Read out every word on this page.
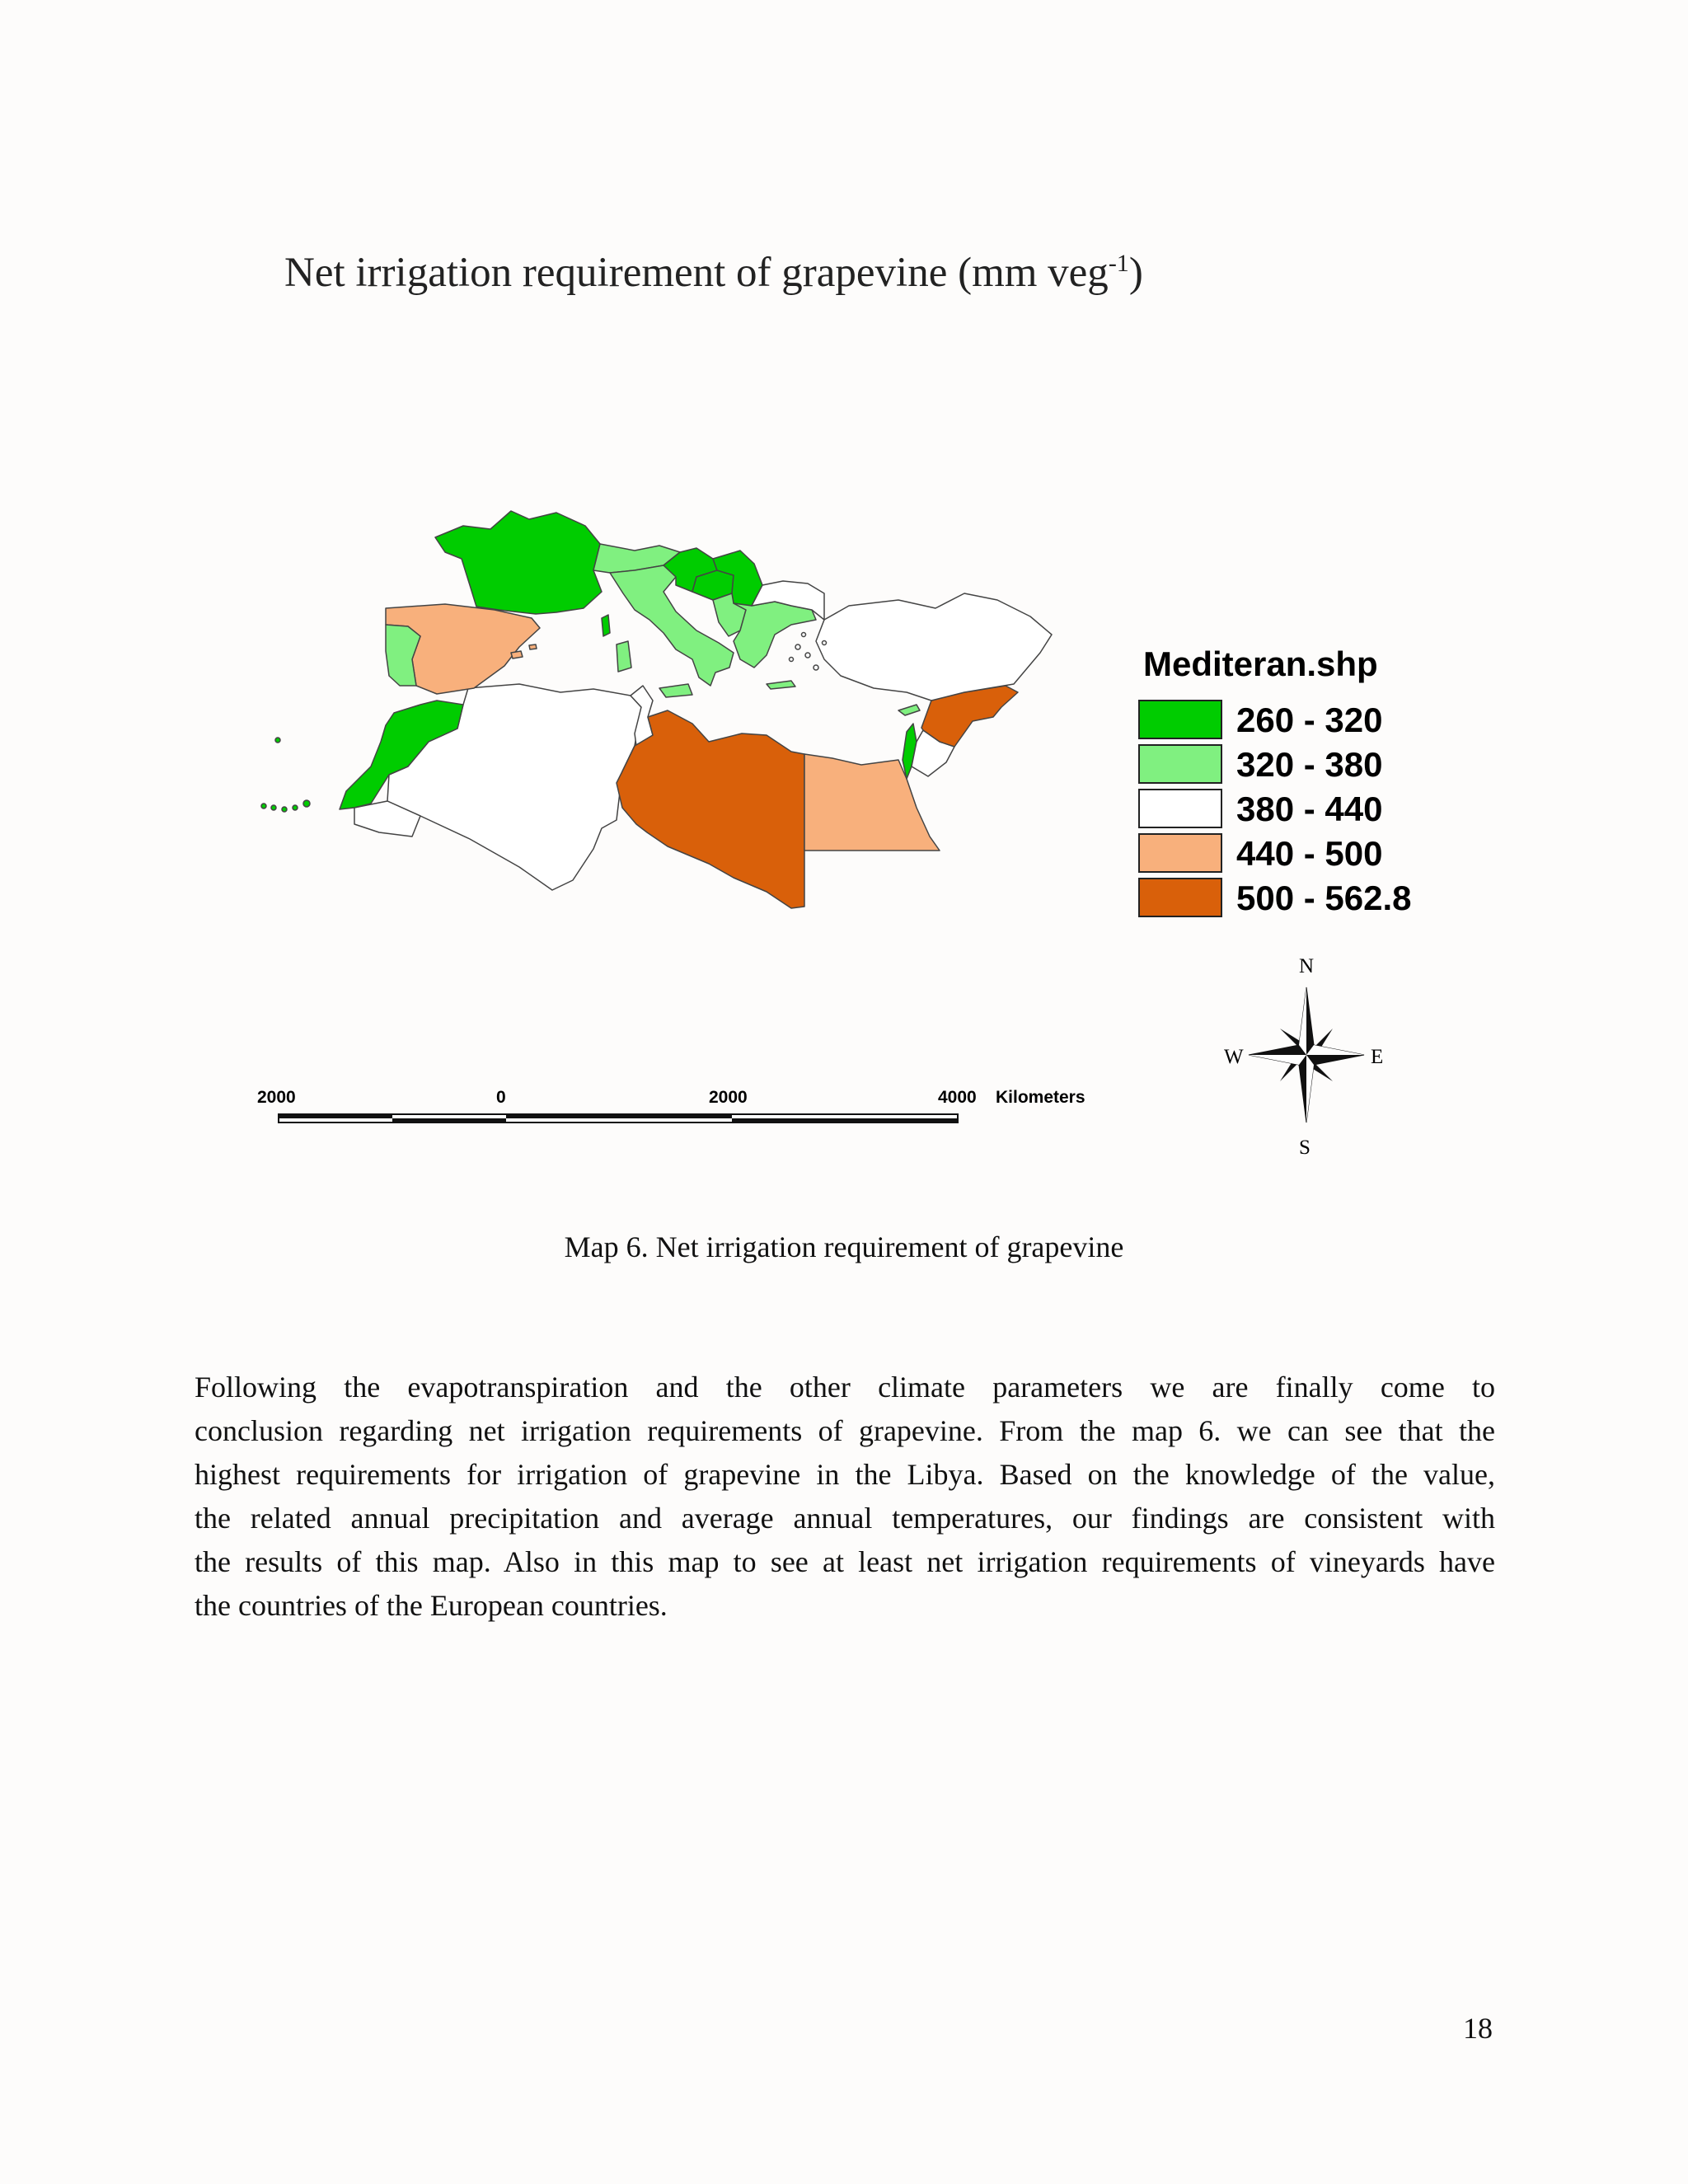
Net irrigation requirement of grapevine (mm veg$^{-1}$)
Mediteran.shp
260 - 320
320 - 380
380 - 440
440 - 500
500 - 562.8
2000	0	2000	4000 Kilometers
N
S
E
W
Map 6. Net irrigation requirement of grapevine
Following the evapotranspiration and the other climate parameters we are finally come to
conclusion regarding net irrigation requirements of grapevine. From the map 6. we can see that the
highest requirements for irrigation of grapevine in the Libya. Based on the knowledge of the value,
the related annual precipitation and average annual temperatures, our findings are consistent with
the results of this map. Also in this map to see at least net irrigation requirements of vineyards have
the countries of the European countries.
18
